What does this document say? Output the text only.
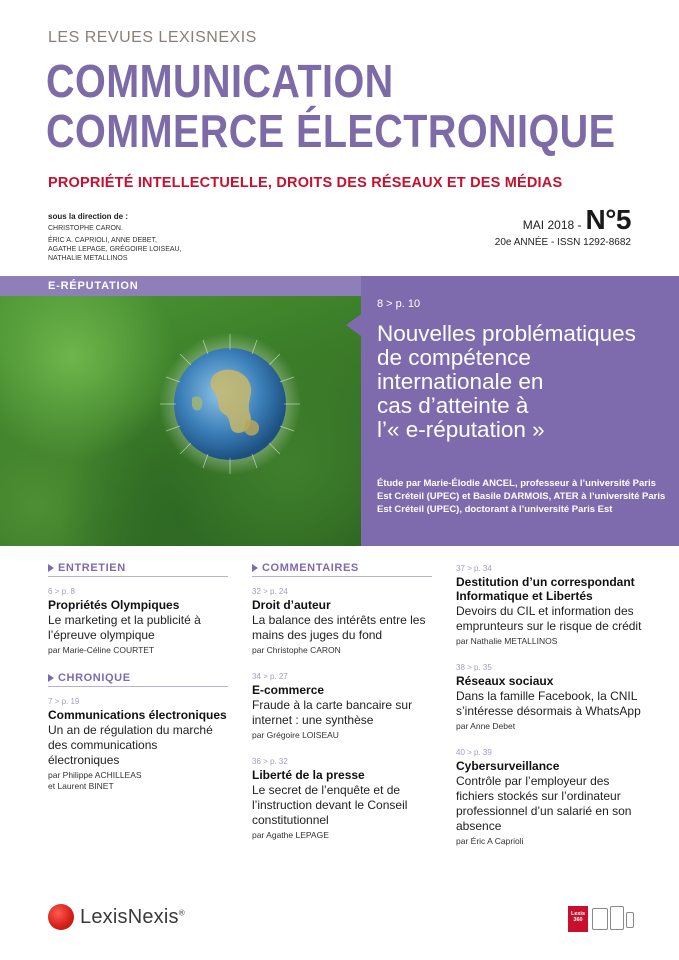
LES REVUES LEXISNEXIS
COMMUNICATION
COMMERCE ÉLECTRONIQUE
PROPRIÉTÉ INTELLECTUELLE, DROITS DES RÉSEAUX ET DES MÉDIAS
sous la direction de :
CHRISTOPHE CARON.
ÉRIC A. CAPRIOLI, ANNE DEBET,
AGATHE LEPAGE, GRÉGOIRE LOISEAU,
NATHALIE METALLINOS
MAI 2018 - N°5
20e ANNÉE - ISSN 1292-8682
E-RÉPUTATION
8 > p. 10
Nouvelles problématiques
de compétence
internationale en
cas d’atteinte à
l’« e-réputation »
Étude par Marie-Élodie ANCEL, professeur à l’université Paris Est Créteil (UPEC) et Basile DARMOIS, ATER à l’université Paris Est Créteil (UPEC), doctorant à l’université Paris Est
ENTRETIEN
6 > p. 8
Propriétés Olympiques
Le marketing et la publicité à l’épreuve olympique
par Marie-Céline COURTET
CHRONIQUE
7 > p. 19
Communications électroniques
Un an de régulation du marché des communications électroniques
par Philippe ACHILLEAS
et Laurent BINET
COMMENTAIRES
32 > p. 24
Droit d’auteur
La balance des intérêts entre les mains des juges du fond
par Christophe CARON
34 > p. 27
E-commerce
Fraude à la carte bancaire sur internet : une synthèse
par Grégoire LOISEAU
36 > p. 32
Liberté de la presse
Le secret de l’enquête et de l’instruction devant le Conseil constitutionnel
par Agathe LEPAGE
37 > p. 34
Destitution d’un correspondant Informatique et Libertés
Devoirs du CIL et information des emprunteurs sur le risque de crédit
par Nathalie METALLINOS
38 > p. 35
Réseaux sociaux
Dans la famille Facebook, la CNIL s’intéresse désormais à WhatsApp
par Anne Debet
40 > p. 39
Cybersurveillance
Contrôle par l’employeur des fichiers stockés sur l’ordinateur professionnel d’un salarié en son absence
par Éric A Caprioli
LexisNexis®	Lexis
360
